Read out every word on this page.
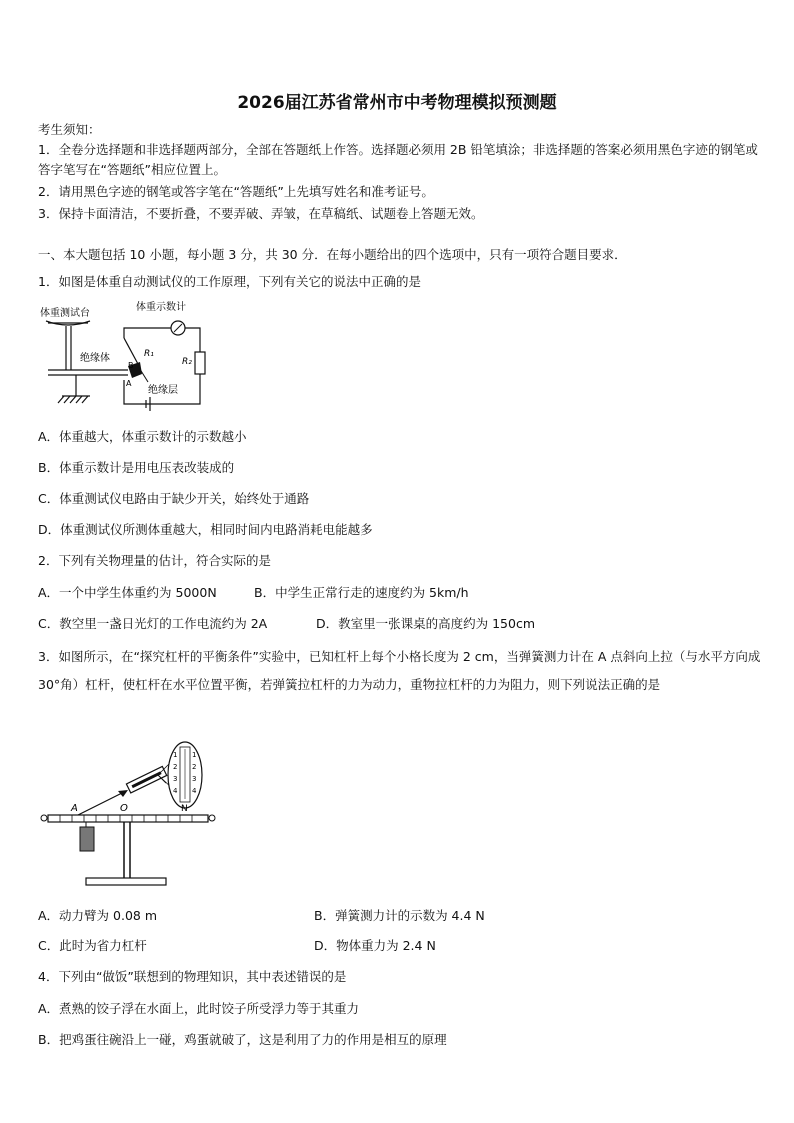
2026届江苏省常州市中考物理模拟预测题
考生须知：
1．全卷分选择题和非选择题两部分，全部在答题纸上作答。选择题必须用 2B 铅笔填涂；非选择题的答案必须用黑色字迹的钢笔或答字笔写在“答题纸”相应位置上。
2．请用黑色字迹的钢笔或答字笔在“答题纸”上先填写姓名和准考证号。
3．保持卡面清洁，不要折叠，不要弄破、弄皱，在草稿纸、试题卷上答题无效。
一、本大题包括 10 小题，每小题 3 分，共 30 分．在每小题给出的四个选项中，只有一项符合题目要求．
1．如图是体重自动测试仪的工作原理，下列有关它的说法中正确的是
体重测试台
体重示数计
绝缘体
绝缘层
R₁
R₂
B
A
A．体重越大，体重示数计的示数越小
B．体重示数计是用电压表改装成的
C．体重测试仪电路由于缺少开关，始终处于通路
D．体重测试仪所测体重越大，相同时间内电路消耗电能越多
2．下列有关物理量的估计，符合实际的是
A．一个中学生体重约为 5000N	B．中学生正常行走的速度约为 5km/h
C．教空里一盏日光灯的工作电流约为 2A	D．教室里一张课桌的高度约为 150cm
3．如图所示，在“探究杠杆的平衡条件”实验中，已知杠杆上每个小格长度为 2 cm，当弹簧测力计在 A 点斜向上拉（与水平方向成 30°角）杠杆，使杠杆在水平位置平衡，若弹簧拉杠杆的力为动力，重物拉杠杆的力为阻力，则下列说法正确的是
A	O	N
1
2
3
4
1
2
3
4
A．动力臂为 0.08 m	B．弹簧测力计的示数为 4.4 N
C．此时为省力杠杆	D．物体重力为 2.4 N
4．下列由“做饭”联想到的物理知识，其中表述错误的是
A．煮熟的饺子浮在水面上，此时饺子所受浮力等于其重力
B．把鸡蛋往碗沿上一碰，鸡蛋就破了，这是利用了力的作用是相互的原理
